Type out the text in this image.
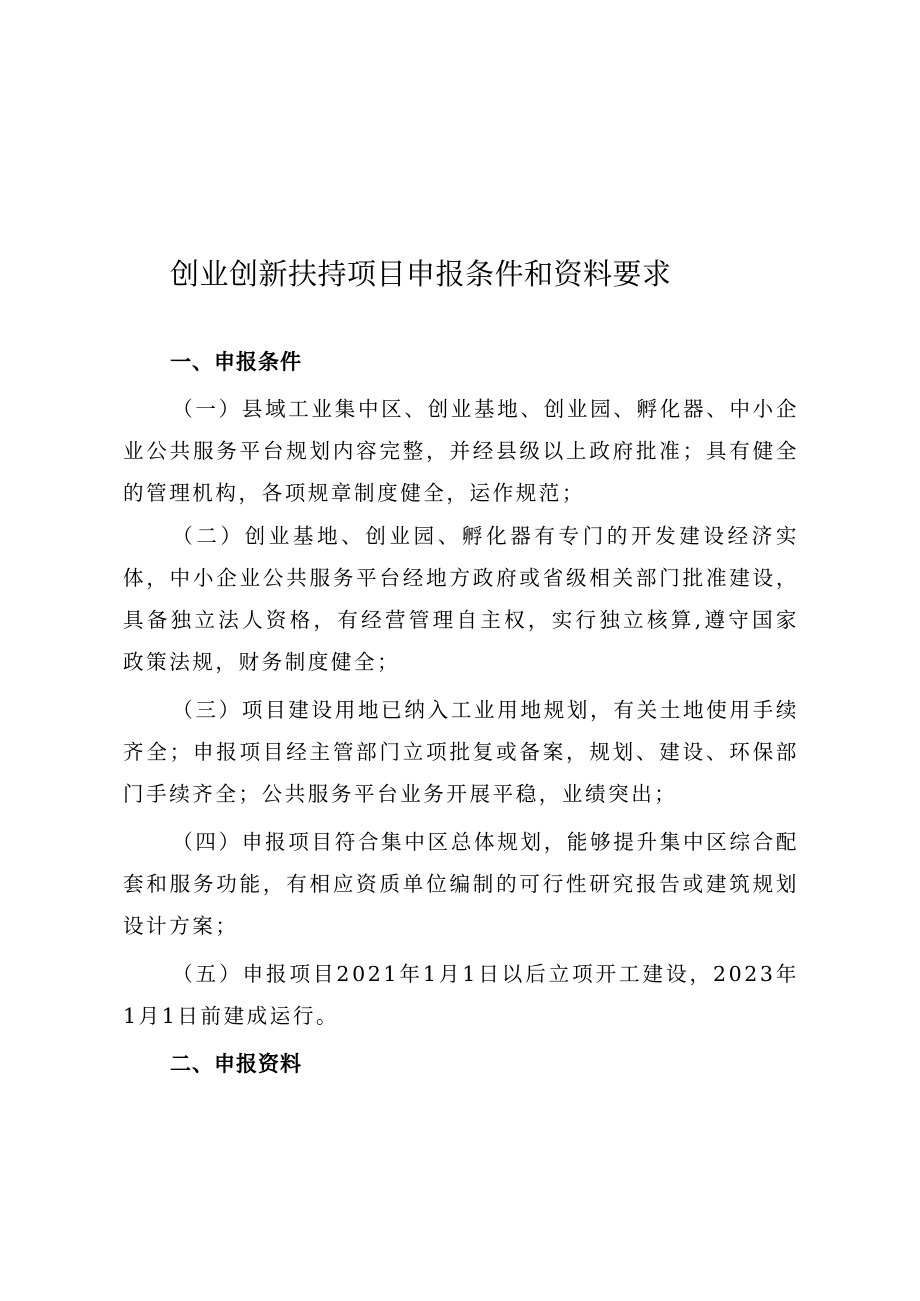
创业创新扶持项目申报条件和资料要求
一、申报条件

（一）县域工业集中区、创业基地、创业园、孵化器、中小企业公共服务平台规划内容完整，并经县级以上政府批准；具有健全的管理机构，各项规章制度健全，运作规范；

（二）创业基地、创业园、孵化器有专门的开发建设经济实体，中小企业公共服务平台经地方政府或省级相关部门批准建设，具备独立法人资格，有经营管理自主权，实行独立核算,遵守国家政策法规，财务制度健全；

（三）项目建设用地已纳入工业用地规划，有关土地使用手续齐全；申报项目经主管部门立项批复或备案，规划、建设、环保部门手续齐全；公共服务平台业务开展平稳，业绩突出；

（四）申报项目符合集中区总体规划，能够提升集中区综合配套和服务功能，有相应资质单位编制的可行性研究报告或建筑规划设计方案；

（五）申报项目2021年1月1日以后立项开工建设，2023年1月1日前建成运行。

二、申报资料
